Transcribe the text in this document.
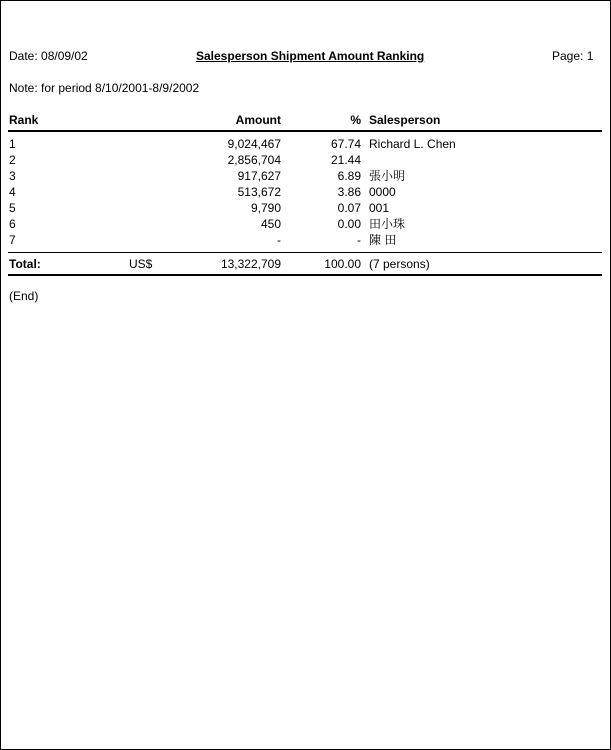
Date: 08/09/02	Salesperson Shipment Amount Ranking	Page: 1
Note: for period 8/10/2001-8/9/2002
Rank	Amount	% Salesperson
1	9,024,467	67.74 Richard L. Chen
2	2,856,704	21.44
3	917,627	6.89 張小明
4	513,672	3.86 0000
5	9,790	0.07 001
6	450	0.00 田小珠
7	-	- 陳 田
Total:	US$	13,322,709	100.00 (7 persons)
(End)
